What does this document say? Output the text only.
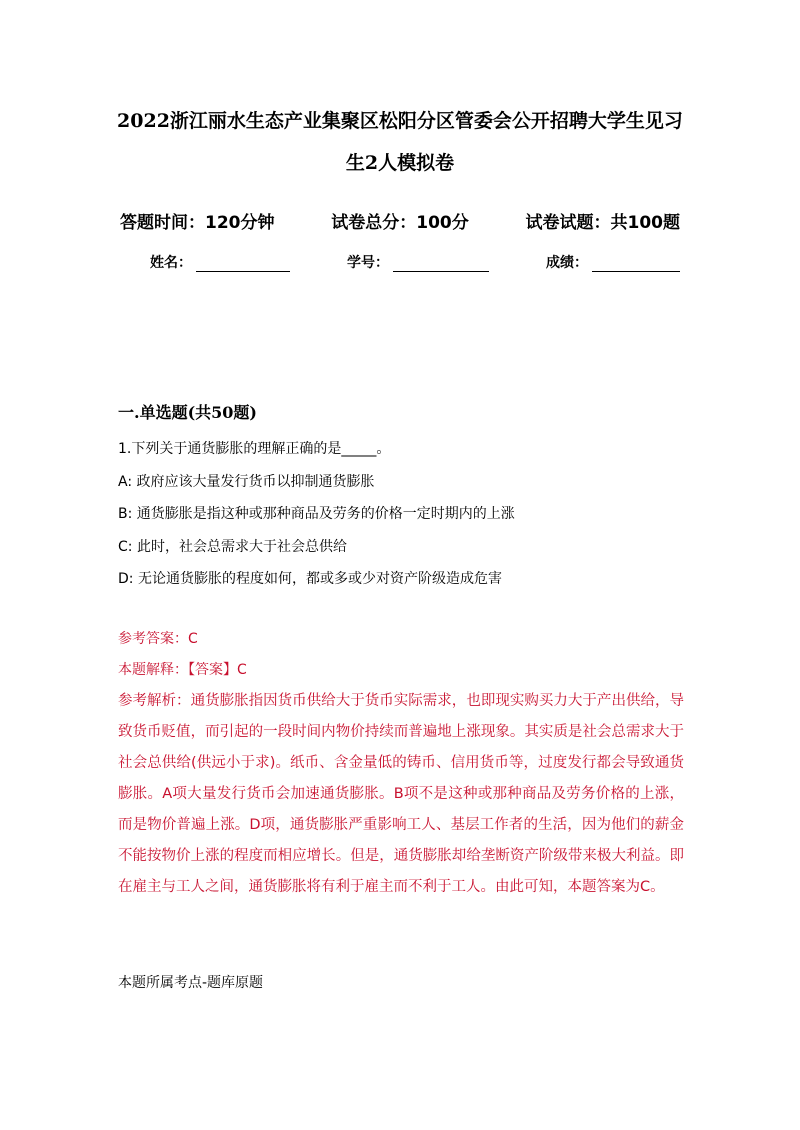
2022浙江丽水生态产业集聚区松阳分区管委会公开招聘大学生见习
生2人模拟卷
答题时间：120分钟	试卷总分：100分	试卷试题：共100题
姓名：	学号：	成绩：
一.单选题(共50题)
1.下列关于通货膨胀的理解正确的是_____。
A: 政府应该大量发行货币以抑制通货膨胀
B: 通货膨胀是指这种或那种商品及劳务的价格一定时期内的上涨
C: 此时，社会总需求大于社会总供给
D: 无论通货膨胀的程度如何，都或多或少对资产阶级造成危害
参考答案：C
本题解释：【答案】C
参考解析：通货膨胀指因货币供给大于货币实际需求，也即现实购买力大于产出供给，导致货币贬值，而引起的一段时间内物价持续而普遍地上涨现象。其实质是社会总需求大于社会总供给(供远小于求)。纸币、含金量低的铸币、信用货币等，过度发行都会导致通货膨胀。A项大量发行货币会加速通货膨胀。B项不是这种或那种商品及劳务价格的上涨，而是物价普遍上涨。D项，通货膨胀严重影响工人、基层工作者的生活，因为他们的薪金不能按物价上涨的程度而相应增长。但是，通货膨胀却给垄断资产阶级带来极大利益。即在雇主与工人之间，通货膨胀将有利于雇主而不利于工人。由此可知，本题答案为C。
本题所属考点-题库原题
